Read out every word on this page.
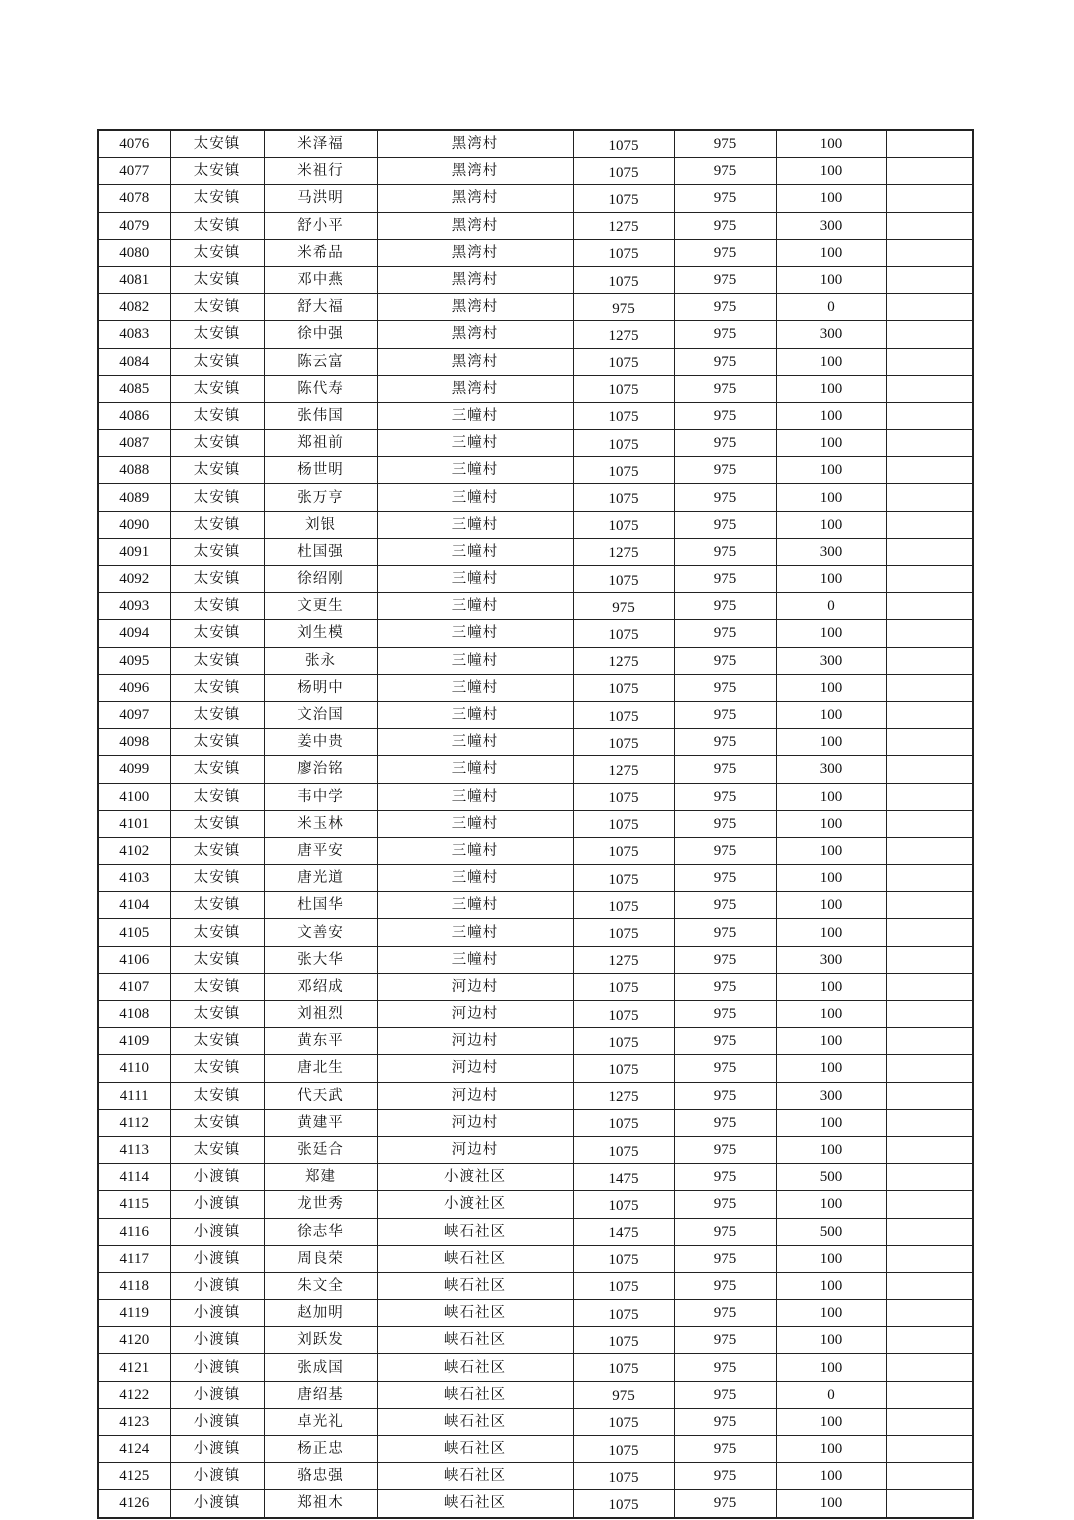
4076	太安镇	米泽福	黑湾村	1075	975	100	
4077	太安镇	米祖行	黑湾村	1075	975	100	
4078	太安镇	马洪明	黑湾村	1075	975	100	
4079	太安镇	舒小平	黑湾村	1275	975	300	
4080	太安镇	米希品	黑湾村	1075	975	100	
4081	太安镇	邓中燕	黑湾村	1075	975	100	
4082	太安镇	舒大福	黑湾村	975	975	0	
4083	太安镇	徐中强	黑湾村	1275	975	300	
4084	太安镇	陈云富	黑湾村	1075	975	100	
4085	太安镇	陈代寿	黑湾村	1075	975	100	
4086	太安镇	张伟国	三幢村	1075	975	100	
4087	太安镇	郑祖前	三幢村	1075	975	100	
4088	太安镇	杨世明	三幢村	1075	975	100	
4089	太安镇	张万亨	三幢村	1075	975	100	
4090	太安镇	刘银	三幢村	1075	975	100	
4091	太安镇	杜国强	三幢村	1275	975	300	
4092	太安镇	徐绍刚	三幢村	1075	975	100	
4093	太安镇	文更生	三幢村	975	975	0	
4094	太安镇	刘生模	三幢村	1075	975	100	
4095	太安镇	张永	三幢村	1275	975	300	
4096	太安镇	杨明中	三幢村	1075	975	100	
4097	太安镇	文治国	三幢村	1075	975	100	
4098	太安镇	姜中贵	三幢村	1075	975	100	
4099	太安镇	廖治铭	三幢村	1275	975	300	
4100	太安镇	韦中学	三幢村	1075	975	100	
4101	太安镇	米玉林	三幢村	1075	975	100	
4102	太安镇	唐平安	三幢村	1075	975	100	
4103	太安镇	唐光道	三幢村	1075	975	100	
4104	太安镇	杜国华	三幢村	1075	975	100	
4105	太安镇	文善安	三幢村	1075	975	100	
4106	太安镇	张大华	三幢村	1275	975	300	
4107	太安镇	邓绍成	河边村	1075	975	100	
4108	太安镇	刘祖烈	河边村	1075	975	100	
4109	太安镇	黄东平	河边村	1075	975	100	
4110	太安镇	唐北生	河边村	1075	975	100	
4111	太安镇	代天武	河边村	1275	975	300	
4112	太安镇	黄建平	河边村	1075	975	100	
4113	太安镇	张廷合	河边村	1075	975	100	
4114	小渡镇	郑建	小渡社区	1475	975	500	
4115	小渡镇	龙世秀	小渡社区	1075	975	100	
4116	小渡镇	徐志华	峡石社区	1475	975	500	
4117	小渡镇	周良荣	峡石社区	1075	975	100	
4118	小渡镇	朱文全	峡石社区	1075	975	100	
4119	小渡镇	赵加明	峡石社区	1075	975	100	
4120	小渡镇	刘跃发	峡石社区	1075	975	100	
4121	小渡镇	张成国	峡石社区	1075	975	100	
4122	小渡镇	唐绍基	峡石社区	975	975	0	
4123	小渡镇	卓光礼	峡石社区	1075	975	100	
4124	小渡镇	杨正忠	峡石社区	1075	975	100	
4125	小渡镇	骆忠强	峡石社区	1075	975	100	
4126	小渡镇	郑祖木	峡石社区	1075	975	100	
